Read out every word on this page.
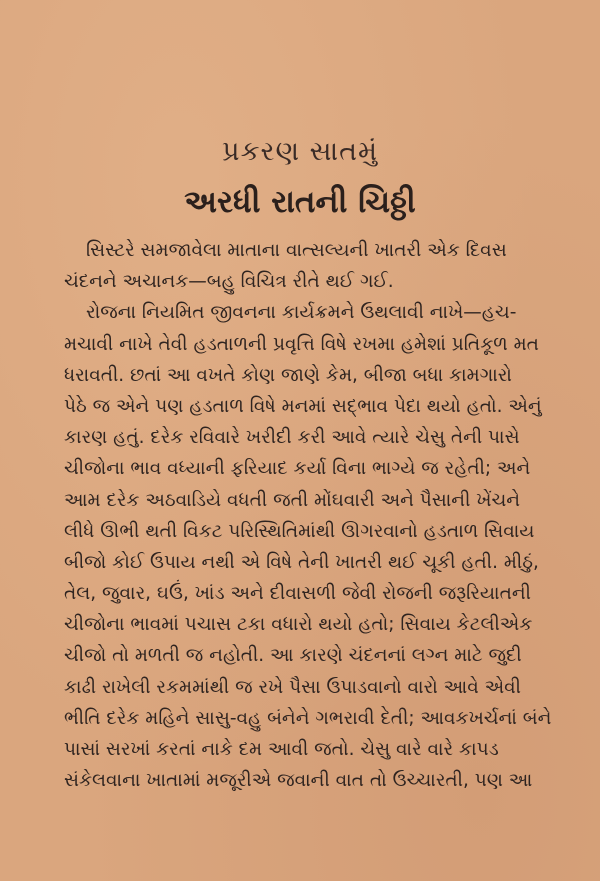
પ્રકરણ સાતમું
અરધી રાતની ચિઠ્ઠી
સિસ્ટરે સમજાવેલા માતાના વાત્સલ્યની ખાતરી એક દિવસ
ચંદનને અચાનક—બહુ વિચિત્ર રીતે થઈ ગઈ.
રોજના નિયમિત જીવનના કાર્યક્રમને ઉથલાવી નાખે—હચ-
મચાવી નાખે તેવી હડતાળની પ્રવૃત્તિ વિષે રખમા હમેશાં પ્રતિકૂળ મત
ધરાવતી. છતાં આ વખતે કોણ જાણે કેમ, બીજા બધા કામગારો
પેઠે જ એને પણ હડતાળ વિષે મનમાં સદ્ભાવ પેદા થયો હતો. એનું
કારણ હતું. દરેક રવિવારે ખરીદી કરી આવે ત્યારે ચેસુ તેની પાસે
ચીજોના ભાવ વધ્યાની ફરિયાદ કર્યા વિના ભાગ્યે જ રહેતી; અને
આમ દરેક અઠવાડિયે વધતી જતી મોંઘવારી અને પૈસાની ખેંચને
લીધે ઊભી થતી વિકટ પરિસ્થિતિમાંથી ઊગરવાનો હડતાળ સિવાય
બીજો કોઈ ઉપાય નથી એ વિષે તેની ખાતરી થઈ ચૂકી હતી. મીઠું,
તેલ, જુવાર, ઘઉં, ખાંડ અને દીવાસળી જેવી રોજની જરૂરિયાતની
ચીજોના ભાવમાં પચાસ ટકા વધારો થયો હતો; સિવાય કેટલીએક
ચીજો તો મળતી જ નહોતી. આ કારણે ચંદનનાં લગ્ન માટે જુદી
કાઢી રાખેલી રકમમાંથી જ રખે પૈસા ઉપાડવાનો વારો આવે એવી
ભીતિ દરેક મહિને સાસુ-વહુ બંનેને ગભરાવી દેતી; આવકખર્ચનાં બંને
પાસાં સરખાં કરતાં નાકે દમ આવી જતો. ચેસુ વારે વારે કાપડ
સંકેલવાના ખાતામાં મજૂરીએ જવાની વાત તો ઉચ્ચારતી, પણ આ
